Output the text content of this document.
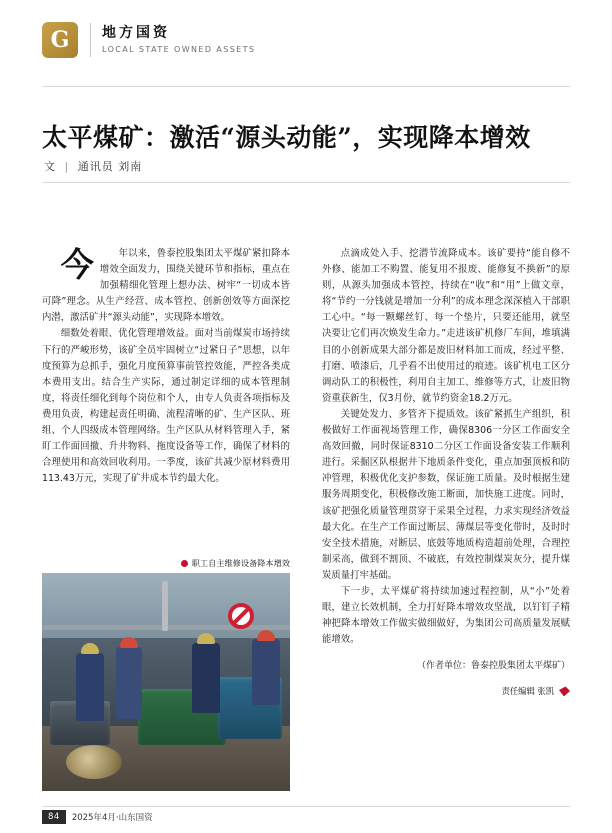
G 地方国资
LOCAL STATE OWNED ASSETS
太平煤矿：激活“源头动能”，实现降本增效
文 | 通讯员 刘南

今	年以来，鲁泰控股集团太平煤矿紧扣降本增效全面发力，围绕关键环节和指标，重点在加强精细化管理上想办法、树牢“一切成本皆可降”理念。从生产经营、成本管控、创新创效等方面深挖内潜，激活矿井“源头动能”，实现降本增效。

细数处着眼、优化管理增效益。面对当前煤炭市场持续下行的严峻形势，该矿全员牢固树立“过紧日子”思想，以年度预算为总抓手，强化月度预算事前管控效能，严控各类成本费用支出。结合生产实际，通过制定详细的成本管理制度，将责任细化到每个岗位和个人，由专人负责各项指标及费用负责，构建起责任明确、流程清晰的矿、生产区队、班组、个人四级成本管理网络。生产区队从材料管理入手，紧盯工作面回撤、升井物料、拖度设备等工作，确保了材料的合理使用和高效回收利用。一季度，该矿共减少原材料费用113.43万元，实现了矿井成本节约最大化。

职工自主维修设备降本增效

点滴成处入手、挖潜节流降成本。该矿要持“能自修不外修、能加工不购置、能复用不报废、能修复不换新”的原则，从源头加强成本管控，持续在“收”和“用”上做文章，将“节约一分钱就是增加一分利”的成本理念深深植入干部职工心中。“每一颗螺丝钉、每一个垫片，只要还能用，就坚决要让它们再次焕发生命力。”走进该矿机修厂车间，堆填满目的小创新成果大部分都是废旧材料加工而成，经过平整、打磨、喷漆后，几乎看不出使用过的痕迹。该矿机电工区分调动队工的积极性，利用自主加工、维修等方式，让废旧物资重获新生，仅3月份，就节约资金18.2万元。

关键处发力、多管齐下提质效。该矿紧抓生产组织，积极做好工作面视场管理工作，确保8306一分区工作面安全高效回撤，同时保证8310二分区工作面设备安装工作顺利进行。采掘区队根据井下地质条件变化，重点加强顶板和防冲管理，积极优化支护参数，保证施工质量。及时根据生建服务周期变化，积极修改施工断面，加快施工进度。同时，该矿把强化质量管理贯穿于采果全过程，力求实现经济效益最大化。在生产工作面过断层、薄煤层等变化带时，及时时安全技术措施，对断层、底鼓等地质构造超前处理，合理控制采高，做到不割顶、不破底，有效控制煤炭灰分，提升煤炭质量打牢基础。

下一步，太平煤矿将持续加速过程控制，从“小”处着眼，建立长效机制，全力打好降本增效攻坚战，以钉钉子精神把降本增效工作做实做细做好，为集团公司高质量发展赋能增效。

（作者单位：鲁泰控股集团太平煤矿）
责任编辑 张凯
84	2025年4月·山东国资
